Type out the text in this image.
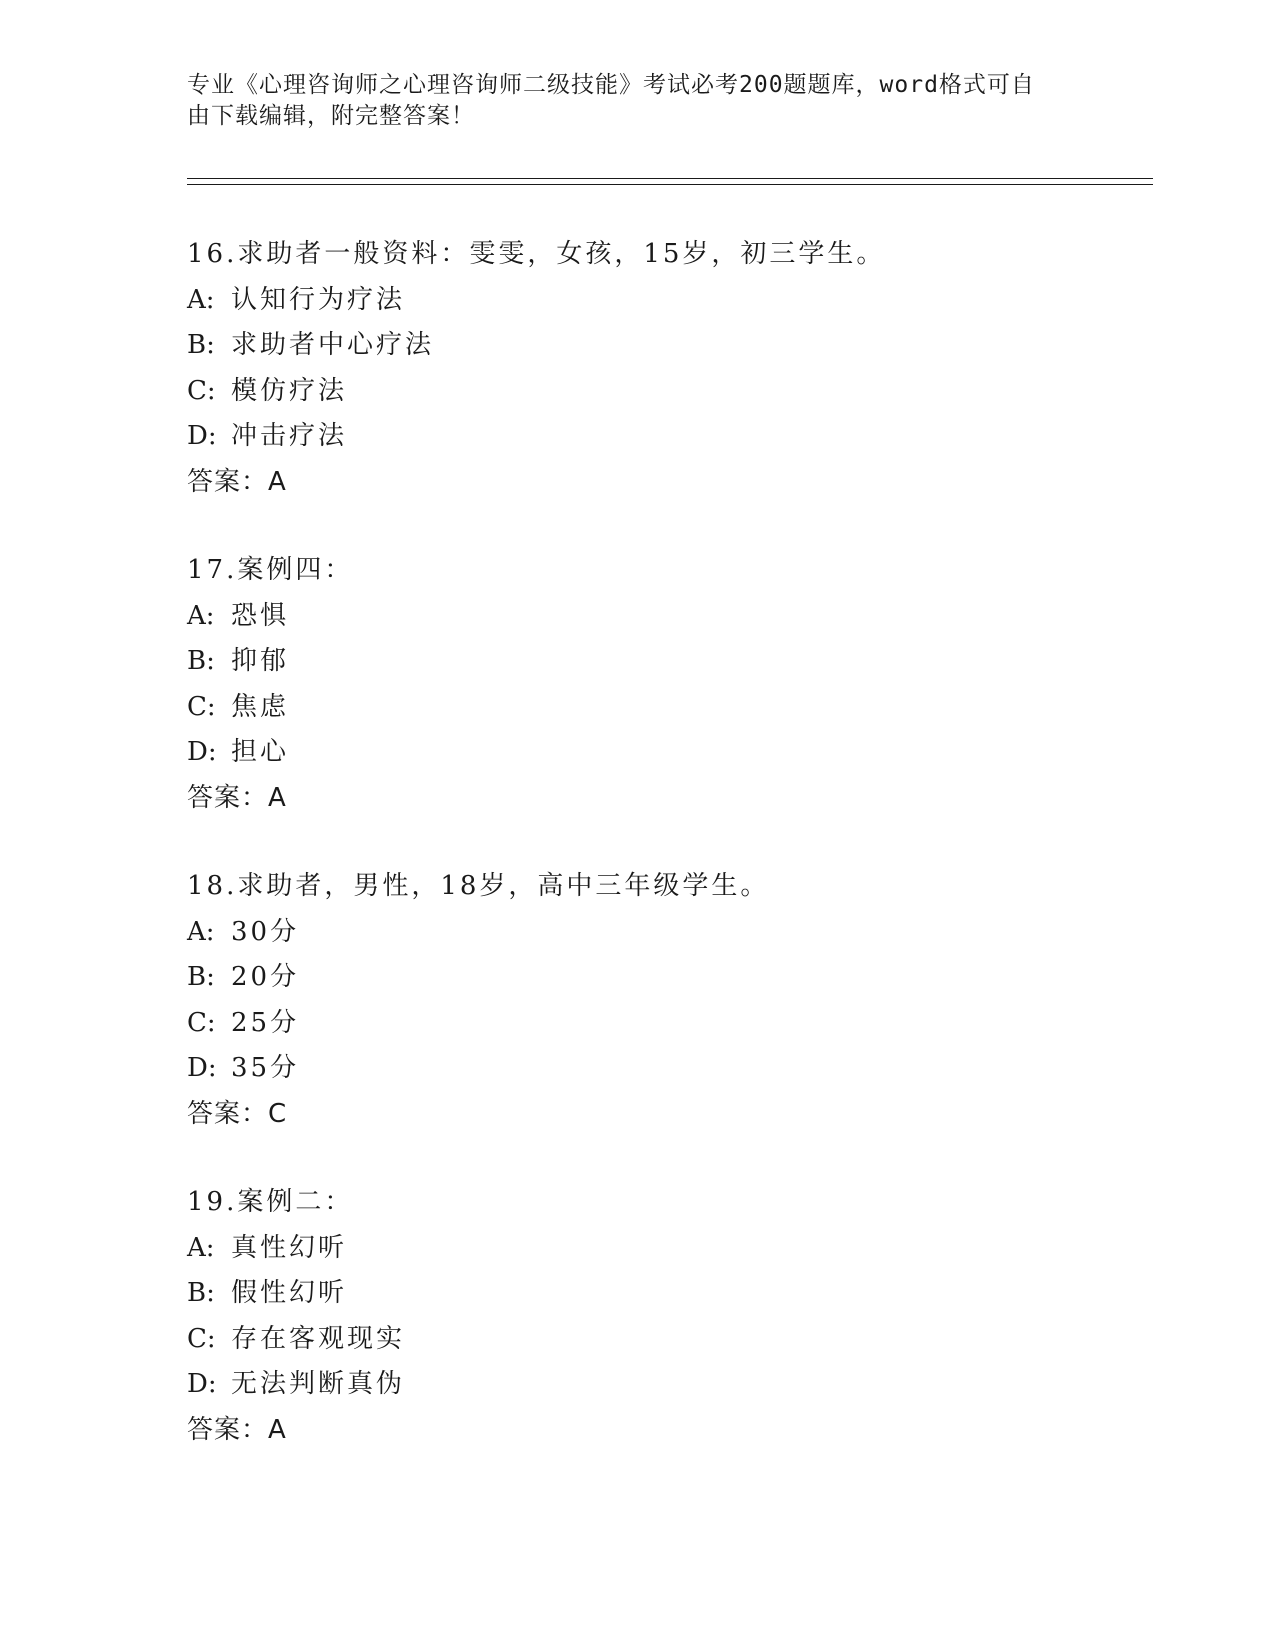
专业《心理咨询师之心理咨询师二级技能》考试必考200题题库，word格式可自
由下载编辑，附完整答案！
16.求助者一般资料：雯雯，女孩，15岁，初三学生。
A: 认知行为疗法
B: 求助者中心疗法
C: 模仿疗法
D: 冲击疗法
答案：A
17.案例四：
A: 恐惧
B: 抑郁
C: 焦虑
D: 担心
答案：A
18.求助者，男性，18岁，高中三年级学生。
A: 30分
B: 20分
C: 25分
D: 35分
答案：C
19.案例二：
A: 真性幻听
B: 假性幻听
C: 存在客观现实
D: 无法判断真伪
答案：A
